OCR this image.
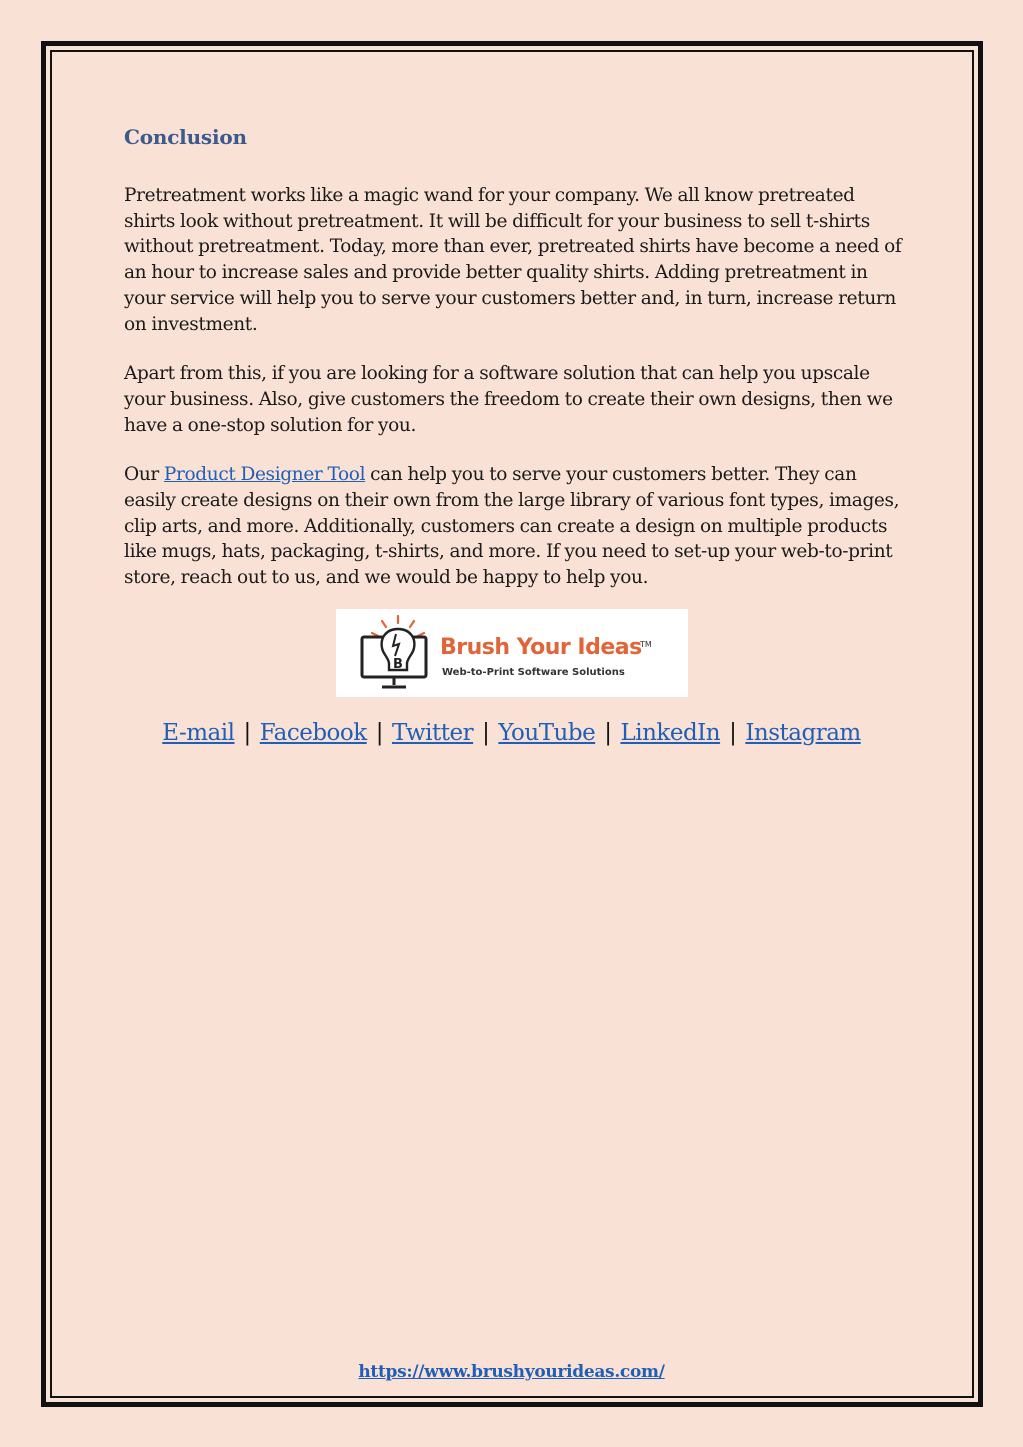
Conclusion

Pretreatment works like a magic wand for your company. We all know pretreated shirts look without pretreatment. It will be difficult for your business to sell t-shirts without pretreatment. Today, more than ever, pretreated shirts have become a need of an hour to increase sales and provide better quality shirts. Adding pretreatment in your service will help you to serve your customers better and, in turn, increase return on investment.

Apart from this, if you are looking for a software solution that can help you upscale your business. Also, give customers the freedom to create their own designs, then we have a one-stop solution for you.

Our Product Designer Tool can help you to serve your customers better. They can easily create designs on their own from the large library of various font types, images, clip arts, and more. Additionally, customers can create a design on multiple products like mugs, hats, packaging, t-shirts, and more. If you need to set-up your web-to-print store, reach out to us, and we would be happy to help you.

B
Brush Your Ideas
TM
Web-to-Print Software Solutions
E-mail | Facebook | Twitter | YouTube | LinkedIn | Instagram
https://www.brushyourideas.com/
